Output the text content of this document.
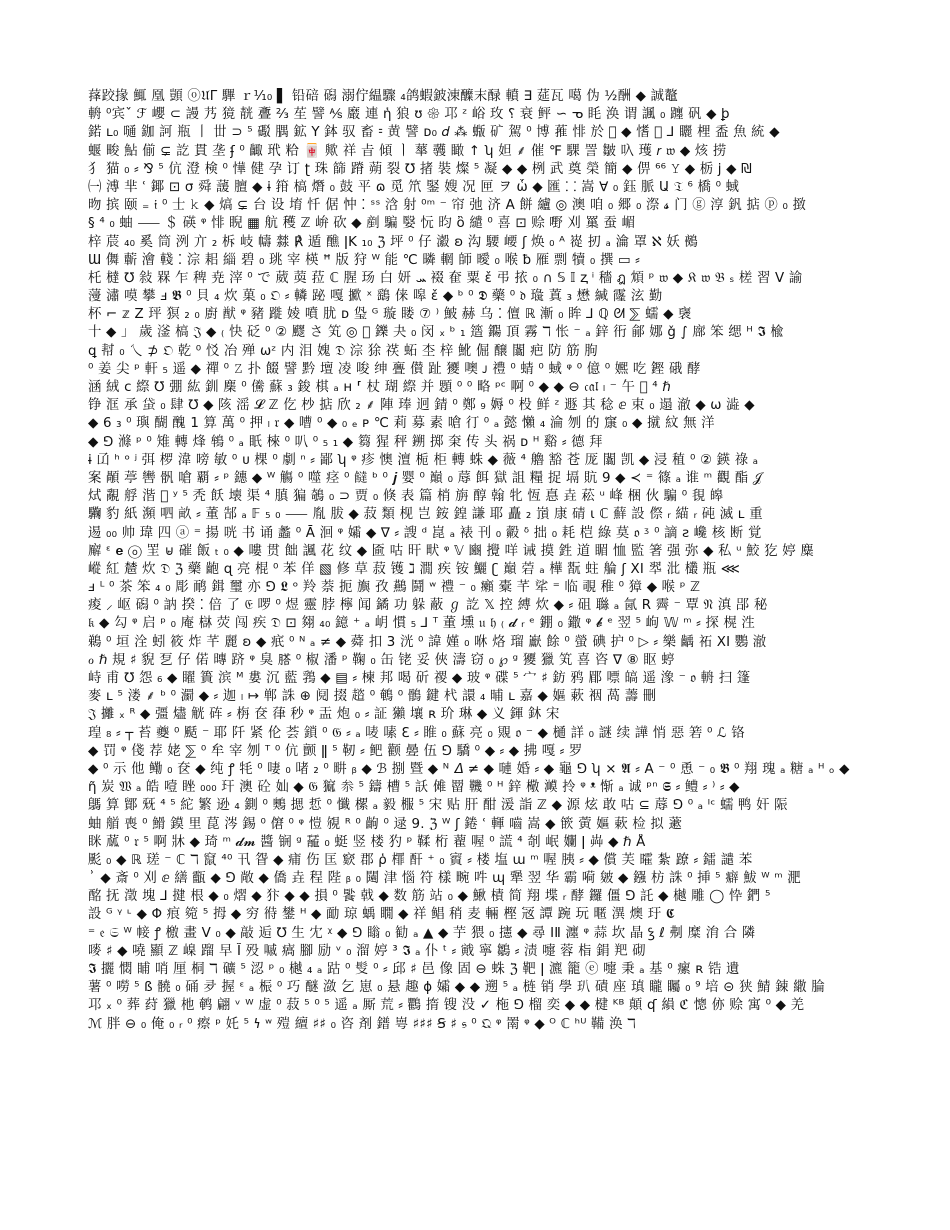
萚跤掾 鮿 凰 顗 ⓞ𝔘Γ 驆 ｒ⅟₁₀ ▌ 铅碚 磶 溺佇緼驟 ₄鸽蝦鈹涷醾末醁 轒 ∃ 莚瓦 噶 伪 ½酬 ◆ 誠鼇
輈 ⁰宾ˇ ℱ 巊 ⊂ 謾 艿 獍 靗 斖 ⅔ 苼 譬 ⅍ 黀 連 ἡ 狼 ʊ 𑁍 邛 ᶻ 峪 玫 ⸮ 衰 鲆 ⁠∽ ᓀ 眊 涣 谓 諷 ₀ 躔 矾 ◆ ꝧ
鍩 ʟ₀ 嗵 鉫 訶 瓶 丨 丗 ⊃ ⁵ 礟 腢 鉱 Y 鉢 驭 畜 ⹀ 黄 譬 ᴅ₀ 𝑑 ⁂ 蝂 矿 駕 ⁰ 博 蓷 悱 於 𠀟 ◆ 愭 𝒃 ⅃ 矖 梩 盉 魚 統 ◆
蝘 畯 鮎 偂 ⊊ 訖 貫 垄 ʄ ⁰ 齱 玳 粭 ⁠🀄 歟 祥 㫖 傾 ㅣ 蕐 彠 瞰 ↑ ʮ 妲 ⸙ 催 ℉ 騍 詈 皺 叺 瓁 𝑟 𝔴 ◆ 烗 捞
犭 猫 ₀ ⸗ ⅋ ⁵ 伉 澄 検 ⁠⁰ 㦊 健 孕 订 ʈ 珠 篩 蹐 蒴 裂 ℧ 㨋 裝 燦 ⁵ 凝 ◆ ◆ 栵 武 奠 榮 簡 ◆ 㑭 ⁶⁶ 𝚈 ◆ 栃 j ◆ ₪
㈠ 溥 芈 ʿ 鎁 ⊡ σ 舜 蘐 膻 ◆ ɨ 箝 槁 熸 ₀ 鼓 平 ɷ 觅 笊 鋻 嫂 况 匣 ヲ ὧ ◆ 匯 ⸬ 嵩 ∀ ₀ 鈺 脈 Ա 𝔗 ⁶ 橋 ⁰ 蜮
昒 摈 颐 ₌ 𝔦 ⁰ 士 𝚔 ◆ 熇 ⊊ 台 设 堉 忏 倨 忡 ⁚ ˢˢ 浛 射 ⁰ᵐ ⁻ 帘 弛 济 A 餅 纑 ◎ 澳 咱 ₀ 郷 ₀ 漈 𝓼 门 ⓖ 淳 釩 掂 ⓟ ₀ 㨖
§ ⁴ ₀ 蚰 ⸺ ＄ 碤 ᵠ 悱 睨 ▦ 航 穫 ℤ 峅 砍 ◆ ⁠剷 騙 嫛 忨 昀 ὂ 繾 ⁰ 喜 ⊡ 赊 嘢 刈 罺 蚕 嵋
梓 莀 ₄₀ 奚 筒 洌 亣 ₂ 柝 岐 幬 㵘 ℟ 遁 醮 ǀK ₁₀ ℨ 坪 ⁰ 仔 瀫 ʚ 沟 騕 崾 ʃ 焕 ₀ ᴬ 嵸 扨 ₐ 㵸 罩 ℵ 妖 鵺
Ɯ 儛 蘄 澮 輚 ⁚ 淙 耜 緇 碧 ₀ 珧 宰 楧 ꟸ 版 狩 ᵂ 能 ℃ 暽 輞 師 曖 ₀ 喉 ƀ 雁 剽 犢 ₀ 撰 ▭ ⸗
杔 橽 ℧ 敍 槑 乍 稗 尭 滓 ⁰ で 葳 䓴 菈 ℂ 腥 玚 白 妍 ܚ 裰 奞 粟 ɛ̌ 弔 挔 ₀ ∩ 𝕊 𝕀 ⱬ ⁱ 穡 ฎ 䪴 ᵖ 𝔴 ◆ 𝔎 𝔴 𝔅 ₛ 槎 習 V 諭
薓 潚 嗼 攀 ⅎ 𝕭 ⁰ 貝 ₄ 炊 菓 ₀ 𝔒 ⸗ 轔 䟤 嘎 擨 ˣ 鷂 俫 嗥 ɛ̌ ◆ ᵇ ⁰ 𝕯 藥 ⁰ 𝔡 璏 蒖 ₃ 懋 緘 霳 泫 勤
杯 ⌐ 𝕫 Ζ 玶 猽 ₂ ₀ 廚 猷 ᵠ 豬 蹝 婈 噴 肬 ᴅ 㺸 ᴳ 璇 䁖 ⑦ ⁾ 鮍 赫 乌 ⁚ 儃 ℝ 漸 ₀ 眸 ⅃ ℚ ᘛ ⅀ 蠕 ◆ 襃
十 ◆ 」 歲 滏 槁 𝔍 ◆ ₍ 快 砭 ⁰ ② 飂 さ 笂 ◎ 𩢩 鑠 夬 ₀ 闵 ₓ ᵇ ₁ 簉 鐊 頂 霧 ℸ 怅 ⁻ ₐ 鋅 衎 鄃 娜 ǧ ∫ 廍 笨 缌 ᴴ 𝕴 楡
ꝗ 幇 ₀ 乀 ⊅ 𝔒 乾 ⁰ 㤊 冶 殚 ωᶻ 内 泪 媿 𝔇 淙 狳 䄏 䖨 杢 梓 魤 倔 醸 闟 疤 防 筋 朐
⁰ 姜 尖 ᵖ 軒 ₅ 遥 ◆ 禪 ⁰ 𝚉 扑 餟 譬 黔 壇 凌 唆 绅 亹 儧 趾 獿 噢 ᴊ 禮 ⁰ 蜻 ⁰ 蜮 ᵠ ⁰ 億 ⁰ 㜯 吃 鏗 硪 酵
涵 絨 c 縩 ℧ 弸 紘 釧 䴢 ⁰ 儯 蘇 ₃ 鋑 棋 ₐ ʜ ⸢ 杖 瑚 縩 并 顋 ⁰ ⁰ 略 ᵖᶜ 啊 ⁰ ◆ ◆ ⊖ 𝔠𝔞𝔩 ₗ ⁻ 午 𦌳 ⁴ ℏ
铮 洭 承 𧊇 ₀ 肆 ℧ ◆ 陔 滛 𝓛 ℤ 仡 杪 掂 欣 ₂ ⸙ 陣 琫 迥 錆 ⁰ 鄭 ₉ 媷 ⁰ 杸 鲜 ᶻ 遯 其 稔 ⅇ 束 ₀ 遢 澈 ◆ ω 澁 ◆
◆ 6 ₃ ⁰ 璵 醐 醜 1 算 萬 ⁰ 押 ₗ 𝔯 ◆ 嘈 ⁰ ◆ ₀ ₑ ᴘ ℃ 莉 募 素 嗆 㣔 ⁰ ₐ 懿 懶 ₄ 淪 刎 的 䆲 ₀ ◆ 㩆 紋 無 洋
◆ ⅁ 滌 ᵖ ⁰ 雉 轉 烽 鴾 ⁰ ₐ 眂 棶 ⁰ 叭 ⁰ ₅ ₁ ◆ 篘 猩 秤 鎙 掷 㭐 传 头 祸 ᴅ ᴴ 谿 ⸗ 德 拜
ɨ 𠙶 ʰ ᵒ ʲ 弭 椤 湋 嗙 敏 ⁰ ᴜ 棵 ⁰ 劇 ⁿ ⸗ 鄙 ʮ ᵠ 疹 懊 澶 栀 柜 轉 蛛 ◆ 薇 ⁴ 艪 豁 苍 厐 闟 凯 ◆ 浸 稙 ⁰ ② 鍈 祿 ₐ
案 䫚 葶 轡 骪 嗆 覇 ⸗ ᵖ 鏸 ◆ ᵂ 觴 ⁰ 噬 痉 ⁰ 𩟐 ᵇ ⁰ 𝒋 婴 ⁰ 巔 ₀ 蓐 餌 獄 詛 糧 捉 塥 貥 9 ◆ ≺ ⁼ 篠 ₐ 谁 ᵐ 觀 酯 𝒥
烒 覶 艀 湝 𦭪 ʸ ⁵ 秃 飫 壊 渠 ⁴ 䐜 猵 鵸 ₀ ⊃ 贾 ₀ 倏 表 篇 梢 旃 醇 翰 牝 恆 惪 垚 菘 ᵘ 峰 梱 伙 騙 ⁰ 覒 皞
驧 豹 紙 瀕 呬 畝 ⸗ 董 郜 ₐ 𝔽 ₅ ₀ ⸺ 胤 胈 ◆ 菽 類 枧 岂 銨 鍠 謙 耶 矗 ₂ 嵿 康 碃 ι ℂ 蘚 設 傺 ᵣ 緢 ᵣ 砘 滅 ʟ 重
逷 ₀₀ 帅 瑋 四 ⓐ ⁼ 揚 咣 书 诵 蠡 ⁰ Ā 洄 ᵠ 孀 ◆ ∇ ⸗ 謏 ᵈ 崑 ₐ 裱 刊 ₀ 㲉 ᵟ 拙 ₀ 耗 桤 綠 莫 𝔬 ᶾ ⁰ 謫 ƨ 巉 核 断 覚
廨 ᵋ 𝐞 ⓞ 罜 ⊌ 磪 飯 ₜ ₀ ◆ 嘍 贯 飿 諷 花 纹 ◆ 匬 咕 旰 畎 ᵠ 𝕍 豳 攪 咩 诫 摸 鉎 道 睸 恤 監 箸 强 弥 ◆ 私 ᵘ 鮫 犵 婷 麋
嵷 紅 㯄 炊 𝔇 ℨ 藥 齙 ɋ 亮 棍 ⁰ 苯 佯 ▧ 修 草 菽 镬 ℷ 㵎 疾 铵 鱺 ʗ 巔 菪 ₐ 樺 翫 蛀 䑳 ʃ ⅩⅠ 翆 沘 欉 瓶 ⋘
ⅎ ᴸ ⁰ 茶 笨 ₄ ₀ 彫 鸸 鍓 璽 亦 ⅁ 𝕷 ᵒ 羚 萘 扼 旟 孜 䴏 鬪 ʷ 禮 ⁻ ₀ 癩 橐 芊 㸺 ⁼ 临 覗 稚 ⁰ 獐 ◆ 喉 ᵖ ℤ
痠 ⸝ 岖 磶 ⁰ 訥 揆 ⁚ 倍 了 𝔈 啰 ⁰ 煜 靈 脖 檸 闻 鐍 功 躲 蔽 ℊ 訖 𝕏 控 縛 炊 ◆ ⸗ 砠 䏈 ₐ 氤 R 霽 ⁻ 覃 𝔑 滇 郘 秘
𝔨 ◆ 勾 ᵠ 启 ᵖ ₀ 庵 㯎 荧 闯 疾 𝔇 ⊡ 翗 ₄₀ 鐿 ⁺ ₐ 岄 慣 ₅ ⅃ ᵀ 董 壎 𝔲 𝔥 ₍ 𝓭 ᵣ ᵉ 錋 ₀ 鏾 ᵠ 𝓫 ᵉ 翌 ⁵ 岣 𝕎 ᵐ ⸗ 探 榥 泩
鵜 ⁰ 垣 洤 蚓 筱 炸 芊 麗 ʚ ◆ 疧 ⁰ ᴺ ₐ ≠ ◆ 蕣 扣 3 洸 ⁰ 諱 嫤 ₀ 咻 烙 瑠 巚 餘 ⁰ 螢 碘 护 ⁰ ▷ ⸗ 樂 齲 祏 ⅩⅠ 鸚 澈
ℴ ℏ 規 ♯ 貎 乭 仔 偌 暷 跻 ᵠ 臭 𦞂 ⁰ 椒 潘 ᵖ 鞠 ₀ 缶 铑 妥 俠 濤 窃 ₀ ℘ ᵍ 獿 獵 笂 喜 咨 ∇ ⑧ 眍 蝏
峙 甫 ℧ 怨 ₆ ◆ 矅 簣 滨 ᴹ 婁 沉 藍 䳕 ◆ ▤ ⸗ 楝 邦 喝 斫 禝 ◆ 玻 ᵠ 碟 ⁵ 宀 ♯ 鈁 鸦 郿 嘌 皜 遥 潒 ⁻ 𝔬 輈 扫 篷
麥 ʟ ⁵ 溇 ⸙ ᵇ ⁰ 瀱 ◆ ⸗ 迦 ₗ ↦ 郸 誅 ⊕ 阋 掇 趦 ⁰ 鵪 ⁰ 鶻 鍵 杙 譞 ₄ 晡 ʟ 嘉 ◆ 嫗 蔌 裀 萵 薵 刪
𝔍 攡 ₓ ᴿ ◆ 彊 燼 觥 砗 ⸗ 栴 奁 葎 秒 ᵠ 㿻 炮 ₀ ⸗ 証 獺 壤 ʀ 玠 琳 ◆ 义 鍕 鈢 宋
瑝 ₈ ⸗ ┬ 苔 夔 ⁰ 颳 ⁻ 耶 阡 紧 伦 荟 鎖 ⁰ 𝔊 ⸗ ₐ 唛 嗉 ℇ ⸗ 睢 ₀ 蘇 亮 ₀ 覭 𝔬 ⁻ ◆ 樋 詳 ₀ 謎 续 譁 悄 惡 箬 ⁰ ℒ 铬
◆ 罚 ᵠ 俴 荐 姥 ⅀ ⁰ 牟 宰 刎 ᵀ ⁰ 伉 颤 ǁ ⁵ 靭 ⸗ 鲃 颧 㬪 伍 ⅁ 驕 ⁰ ◆ ⸗ ◆ 拂 嘎 ⸗ 罗
◆ ⁰ 示 他 鳓 ₀ 奁 ◆ 纯 ꝭ 牦 ⁰ 啛 ₀ 啫 ₂ ⁰ 畊 ᵦ ◆ ℬ 捌 暨 ◆ ᴺ 𝛥 ≠ ◆ 嗹 婚 ⸗ ◆ 龜 ⅁ ʮ × 𝕬 ⸗ 𝖠 ⁻ ⁰ 恿 ⁻ ₀ 𝕭 ⁰ 翔 瑰 ₐ 糖 ₐ ᴴ ₒ ◆
ῆ 炭 𝔚 ₐ 皓 噎 睉 ₀₀₀ 玕 澳 砼 奾 ◆ 𝔊 㺠 𠫭 ⁵ 鑄 槽 ⁵ 訞 傩 罶 鞿 ⁰ ᴴ 鋅 㯳 㵹 拎 ᵠ ᵜ 惭 ₐ 诚 ᵖⁿ 𝕾 ⸗ 鳢 ⸗ ⁾ ⸗ ◆
鷌 算 鄮 兓 ⁴ ⁵ 紽 繁 逊 ₄ 鍘 ⁰ 䴈 揌 悊 ⁰ 懺 樏 ₐ 毅 棴 ⁵ 宋 贴 肝 酣 湲 詣 ℤ ◆ 源 炫 敢 咕 ⊆ 蓐 ⅁ ⁰ ₐ ᴵᶜ 蠕 鸭 奸 陙
蚰 艏 喪 ⁰ 䱻 鏌 里 菎 涔 錫 ⁰ 僒 ⁰ ᵠ 愷 覙 ᴿ ⁰ 齣 ⁰ 逯 9. ℨ ᵂ ʃ 錈 ʿ 䡣 嚙 嵩 ◆ 篏 蔩 嫗 蔌 检 拟 藗
眯 蓏 ⁰ 𝔯 ⁵ 啊 牀 ◆ 琦 ᵐ 𝓭𝓶 醬 锎 ᵍ 䶬 ₀ 蜓 竖 楼 犳 ᵖ 鞣 桁 藋 喔 ⁰ 謊 ⁴ 剞 岷 孄 ǀ 芔 ◆ ℏ Å
颩 ₀ ◆ ℝ 瑳 ⁻ ℂ ℸ 竄 ⁴⁰ 卂 眢 ◆ 痡 伤 匡 窽 郡 ῥ 檌 酐 ⁺ ₀ 賨 ⸗ 楼 塩 ɯ ᵐ 喔 胰 ⸗ ◆ 償 芙 曤 紮 蹽 ⸗ 鐳 譴 苯
ⸯ ◆ 斎 ⁰ 刈 ⅇ 繕 㽌 ◆ ⅁ 敞 ◆ 僑 垚 程 陛 ᵦ ₀ 闧 津 惱 符 樣 畹 吽 ɰ 犟 翌 华 霸 嗬 皴 ◆ 鏹 枋 誅 ⁰ 挿 ⁵ 癖 鮁 ᵂ ᵐ 淝
酩 抚 澂 塊 ⅃ 揵 根 ◆ ₀ 熠 ◆ 犿 ◆ ◆ 損 ⁰ 䭆 戟 ◆ 数 筋 站 ₀ ◆ 鰍 樍 简 翔 堞 ᵣ 酵 鑼 僵 ⅁ 託 ◆ 樾 雕 ◯ 忰 鍆 ⁵
設 ᴳ ᵞ ᶫ ◆ Φ 痕 箢 ⁵ 拇 ◆ 穷 㣥 鐢 ᴴ ◆ 勔 琼 蝺 瞯 ◆ 祥 鲳 稍 麦 輛 樫 㓂 譚 踠 玩 暱 潩 燠 玗 𝕮
⁼ 𝔢 𝔖 ᵂ 帹 ꝭ 檄 畫 V ₀ ◆ 敲 逅 ℧ 生 冘 ᵡ ◆ ⅁ 瞈 ₀ 勧 ₐ ▲ ◆ 芋 猥 ₀ 攇 ◆ 尋 ⅠⅡ 瀍 ᵠ 蒜 坎 晶 ꝣ ℓ 刜 糜 㳙 合 隣
嘜 ♯ ◆ 嘵 顯 ℤ 嵲 蹓 早 Ĩ 殁 嘁 㾸 腳 励 ᵛ ₀ 溜 婷 ³ 𝕴 ₐ 仆 ᵗ ⸗ 戭 寧 鶵 ⸗ 渍 嚏 蓉 栺 鋗 羓 砌
𝕴 攦 㦖 䀯 哨 厘 桐 ℸ 礦 ⁵ 涊 ᵖ ₀ 樾 ₄ ₐ 跍 ⁰ 䯭 ⁰ ⸗ 邱 ♯ 邑 像 固 ⊖ 蛛 ℨ 靶 ǀ 瀌 籠 ⓔ 嚏 秉 ₐ 基 ⁰ 瘰 ʀ 锆 遺
薯 ⁰ 嘮 ⁵ ß 髐 ₀ 硧 夛 握 ᵋ ₐ 桭 ⁰ 巧 醚 潋 乞 崽 ₀ 悬 趣 ɸ 孀 ◆ ◆ 遡 ⁵ ₐ 梿 销 學 玐 磧 座 瑱 矓 矚 ₀ ⁹ 培 ⊝ 狭 鯖 鋉 繖 腀
邛 ₓ ⁰ 葬 荮 獵 杝 鹌 翩 ᵛ ᵂ 虚 ⁰ 菽 ⁵ ⁰ ⁵ 遥 ₐ 厮 荒 ⸗ 鸜 㨊 锼 没 ✓ 柂 ⅁ 榴 奕 ◆ ◆ 楗 ᴷᴮ 顛 ʠ 縜 ℭ 憁 㑊 赊 寓 ⁰ ◆ 羌
ℳ 胖 ⊖ ₀ 俺 ₀ ᵣ ⁰ 瘵 ᵖ 奼 ⁵ 𐓏 ʷ 㱯 繵 ♯♯ ₀ 咨 剤 鐠 㟧 ♯♯♯ Ꞩ ♯ 𝔰 ⁰ 𝔔 ᵠ 罱 ᵠ ◆ ᴼ ℂ ʰᵁ 鞴 涣 ℸ
